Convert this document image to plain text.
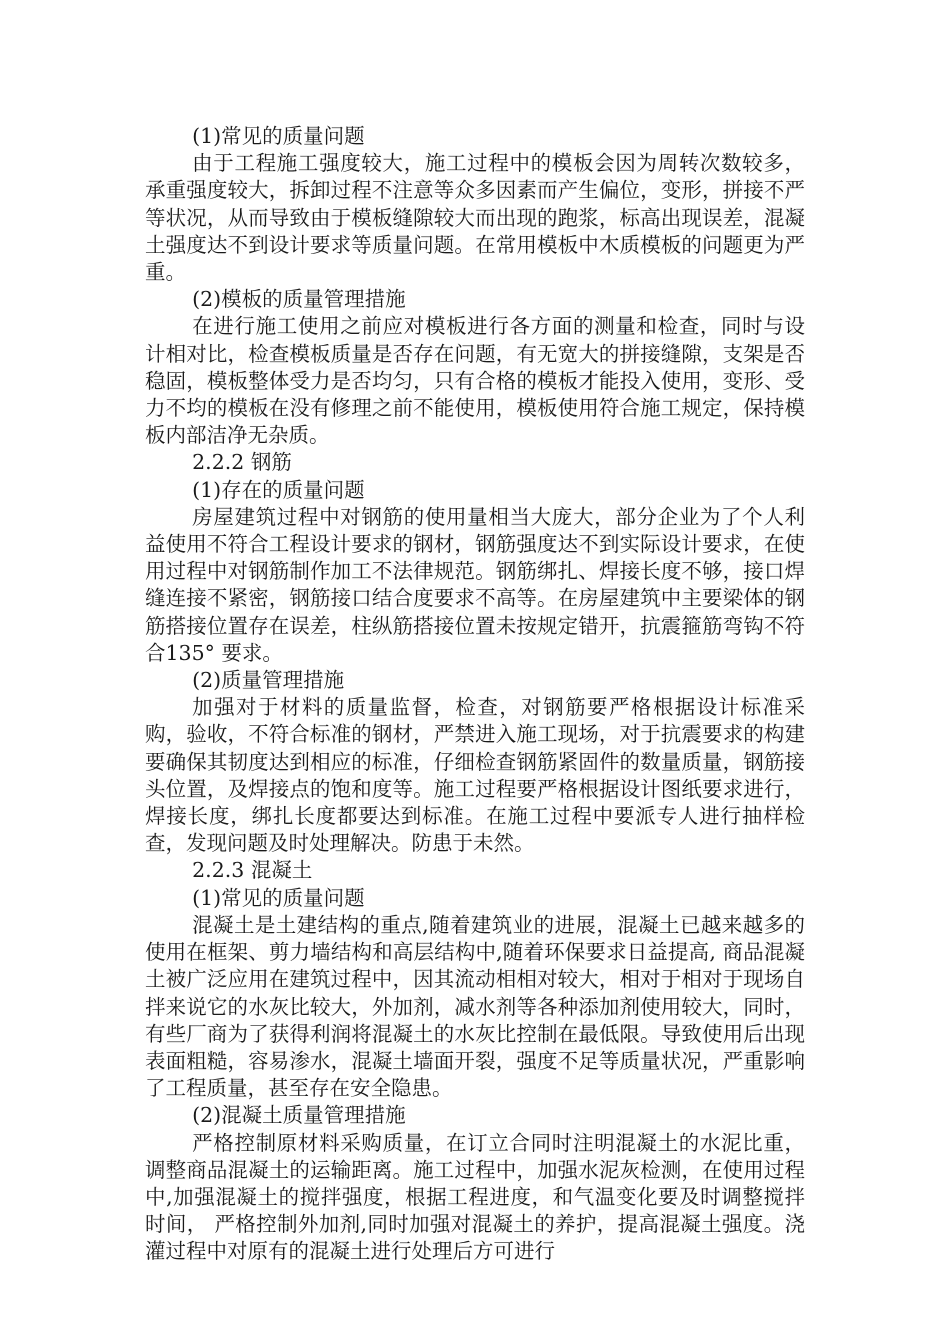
(1)常见的质量问题

由于工程施工强度较大，施工过程中的模板会因为周转次数较多，承重强度较大，拆卸过程不注意等众多因素而产生偏位，变形，拼接不严等状况，从而导致由于模板缝隙较大而出现的跑浆，标高出现误差，混凝土强度达不到设计要求等质量问题。在常用模板中木质模板的问题更为严重。

(2)模板的质量管理措施

在进行施工使用之前应对模板进行各方面的测量和检查，同时与设计相对比，检查模板质量是否存在问题，有无宽大的拼接缝隙，支架是否稳固，模板整体受力是否均匀，只有合格的模板才能投入使用，变形、受力不均的模板在没有修理之前不能使用，模板使用符合施工规定，保持模板内部洁净无杂质。

2.2.2 钢筋

(1)存在的质量问题

房屋建筑过程中对钢筋的使用量相当大庞大，部分企业为了个人利益使用不符合工程设计要求的钢材，钢筋强度达不到实际设计要求，在使用过程中对钢筋制作加工不法律规范。钢筋绑扎、焊接长度不够，接口焊缝连接不紧密，钢筋接口结合度要求不高等。在房屋建筑中主要梁体的钢筋搭接位置存在误差，柱纵筋搭接位置未按规定错开，抗震箍筋弯钩不符合135° 要求。

(2)质量管理措施

加强对于材料的质量监督，检查，对钢筋要严格根据设计标准采购，验收，不符合标准的钢材，严禁进入施工现场，对于抗震要求的构建要确保其韧度达到相应的标准，仔细检查钢筋紧固件的数量质量，钢筋接头位置，及焊接点的饱和度等。施工过程要严格根据设计图纸要求进行，焊接长度，绑扎长度都要达到标准。在施工过程中要派专人进行抽样检查，发现问题及时处理解决。防患于未然。

2.2.3 混凝土

(1)常见的质量问题

混凝土是土建结构的重点,随着建筑业的进展，混凝土已越来越多的使用在框架、剪力墙结构和高层结构中,随着环保要求日益提高, 商品混凝土被广泛应用在建筑过程中，因其流动相相对较大，相对于相对于现场自拌来说它的水灰比较大，外加剂，减水剂等各种添加剂使用较大，同时，有些厂商为了获得利润将混凝土的水灰比控制在最低限。导致使用后出现表面粗糙，容易渗水，混凝土墙面开裂，强度不足等质量状况，严重影响了工程质量，甚至存在安全隐患。

(2)混凝土质量管理措施

严格控制原材料采购质量，在订立合同时注明混凝土的水泥比重，调整商品混凝土的运输距离。施工过程中，加强水泥灰检测，在使用过程中,加强混凝土的搅拌强度，根据工程进度，和气温变化要及时调整搅拌时间， 严格控制外加剂,同时加强对混凝土的养护，提高混凝土强度。浇灌过程中对原有的混凝土进行处理后方可进行
